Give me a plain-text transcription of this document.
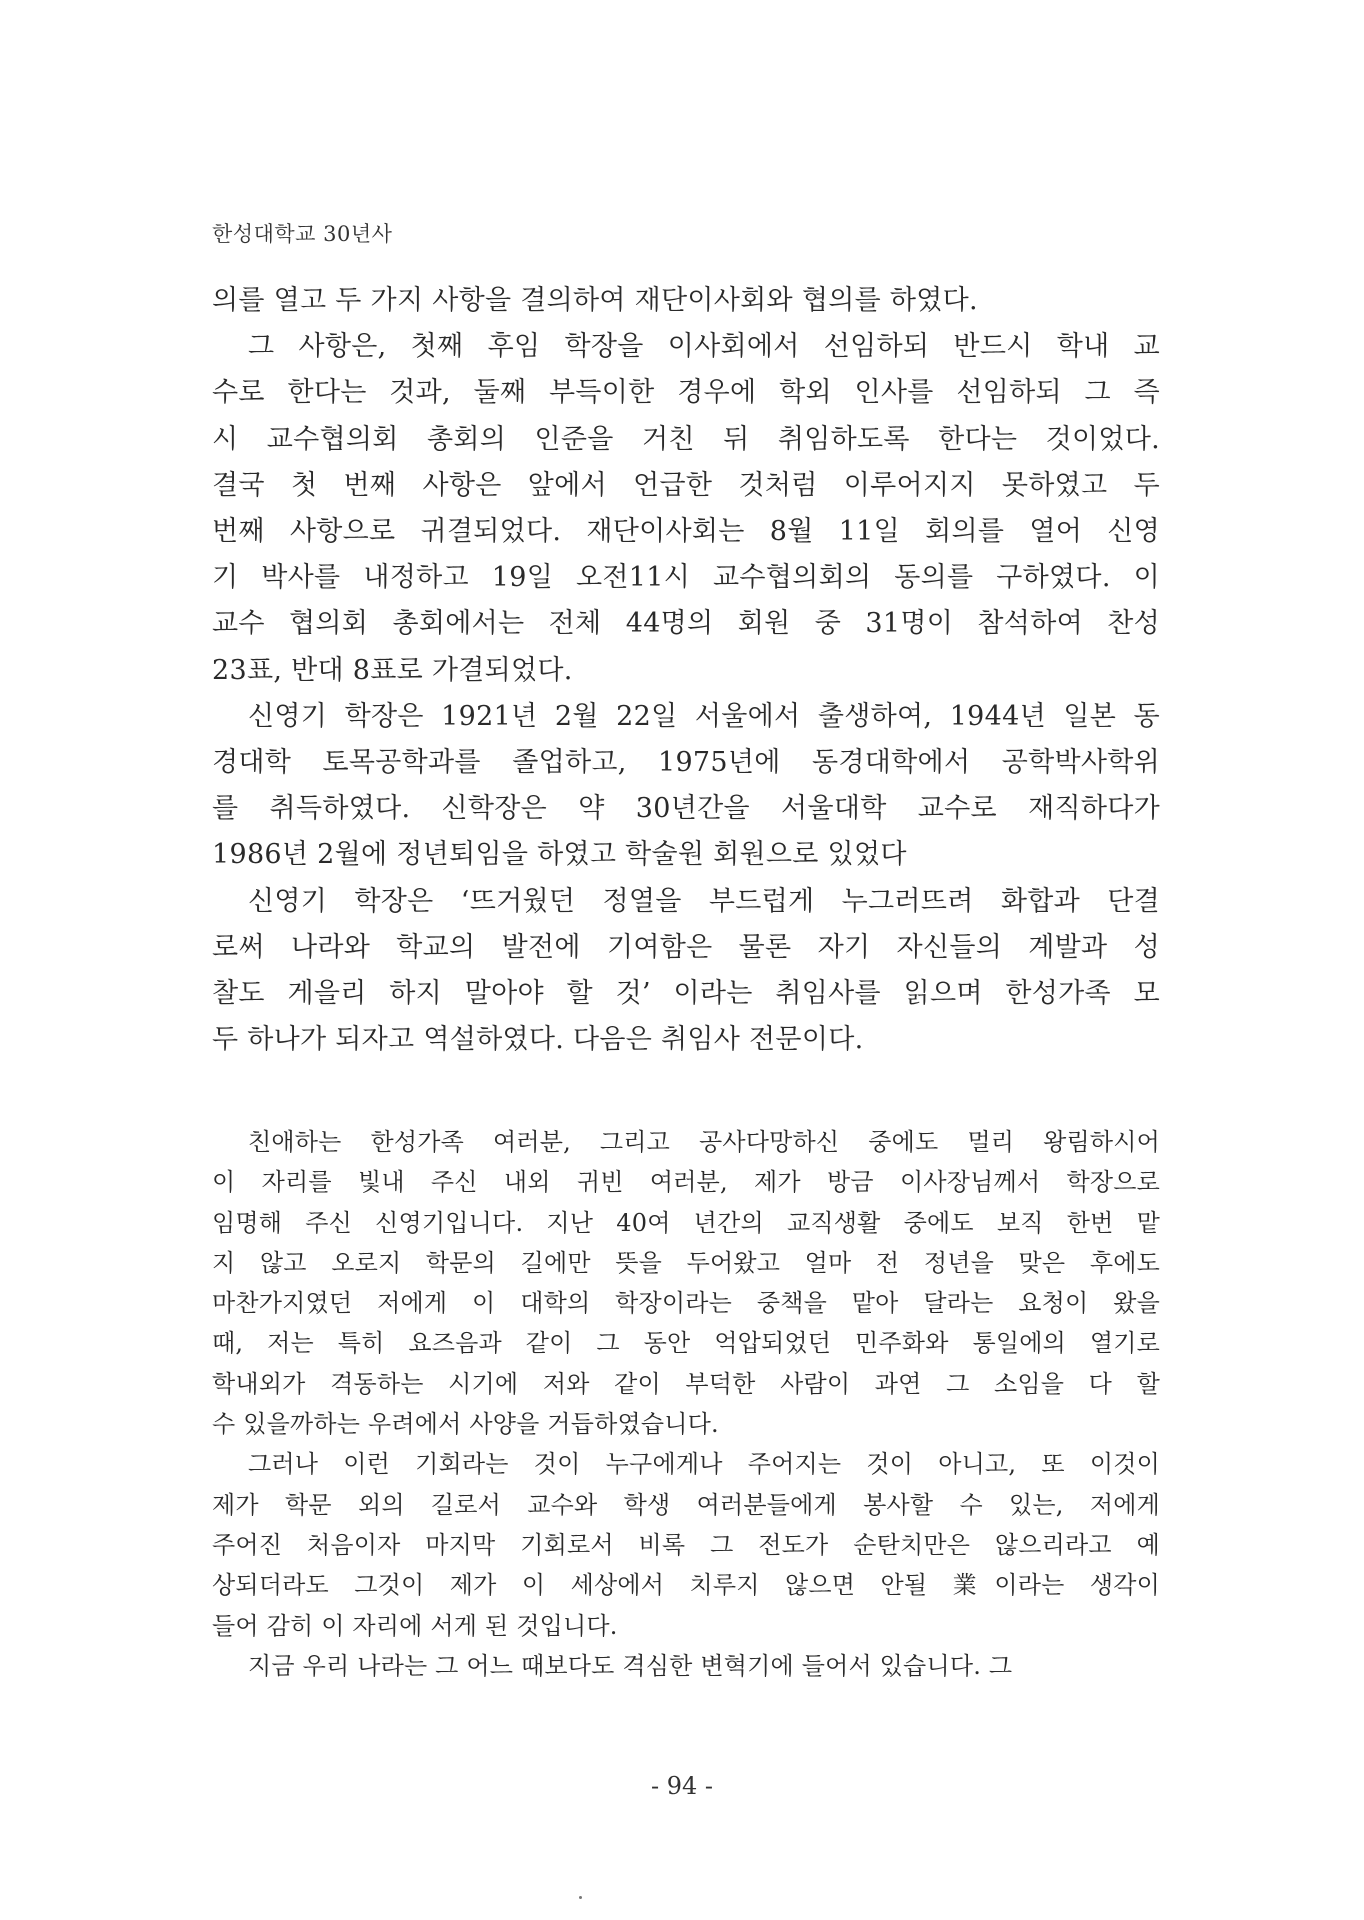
한성대학교 30년사

의를 열고 두 가지 사항을 결의하여 재단이사회와 협의를 하였다.

그 사항은, 첫째 후임 학장을 이사회에서 선임하되 반드시 학내 교
수로 한다는 것과, 둘째 부득이한 경우에 학외 인사를 선임하되 그 즉
시 교수협의회 총회의 인준을 거친 뒤 취임하도록 한다는 것이었다.
결국 첫 번째 사항은 앞에서 언급한 것처럼 이루어지지 못하였고 두
번째 사항으로 귀결되었다. 재단이사회는 8월 11일 회의를 열어 신영
기 박사를 내정하고 19일 오전11시 교수협의회의 동의를 구하였다. 이
교수 협의회 총회에서는 전체 44명의 회원 중 31명이 참석하여 찬성
23표, 반대 8표로 가결되었다.

신영기 학장은 1921년 2월 22일 서울에서 출생하여, 1944년 일본 동
경대학 토목공학과를 졸업하고, 1975년에 동경대학에서 공학박사학위
를 취득하였다. 신학장은 약 30년간을 서울대학 교수로 재직하다가
1986년 2월에 정년퇴임을 하였고 학술원 회원으로 있었다

신영기 학장은 ‘뜨거웠던 정열을 부드럽게 누그러뜨려 화합과 단결
로써 나라와 학교의 발전에 기여함은 물론 자기 자신들의 계발과 성
찰도 게을리 하지 말아야 할 것’ 이라는 취임사를 읽으며 한성가족 모
두 하나가 되자고 역설하였다. 다음은 취임사 전문이다.

친애하는 한성가족 여러분, 그리고 공사다망하신 중에도 멀리 왕림하시어
이 자리를 빛내 주신 내외 귀빈 여러분, 제가 방금 이사장님께서 학장으로
임명해 주신 신영기입니다. 지난 40여 년간의 교직생활 중에도 보직 한번 맡
지 않고 오로지 학문의 길에만 뜻을 두어왔고 얼마 전 정년을 맞은 후에도
마찬가지였던 저에게 이 대학의 학장이라는 중책을 맡아 달라는 요청이 왔을
때, 저는 특히 요즈음과 같이 그 동안 억압되었던 민주화와 통일에의 열기로
학내외가 격동하는 시기에 저와 같이 부덕한 사람이 과연 그 소임을 다 할
수 있을까하는 우려에서 사양을 거듭하였습니다.

그러나 이런 기회라는 것이 누구에게나 주어지는 것이 아니고, 또 이것이
제가 학문 외의 길로서 교수와 학생 여러분들에게 봉사할 수 있는, 저에게
주어진 처음이자 마지막 기회로서 비록 그 전도가 순탄치만은 않으리라고 예
상되더라도 그것이 제가 이 세상에서 치루지 않으면 안될 業이라는 생각이
들어 감히 이 자리에 서게 된 것입니다.

지금 우리 나라는 그 어느 때보다도 격심한 변혁기에 들어서 있습니다. 그

- 94 -
